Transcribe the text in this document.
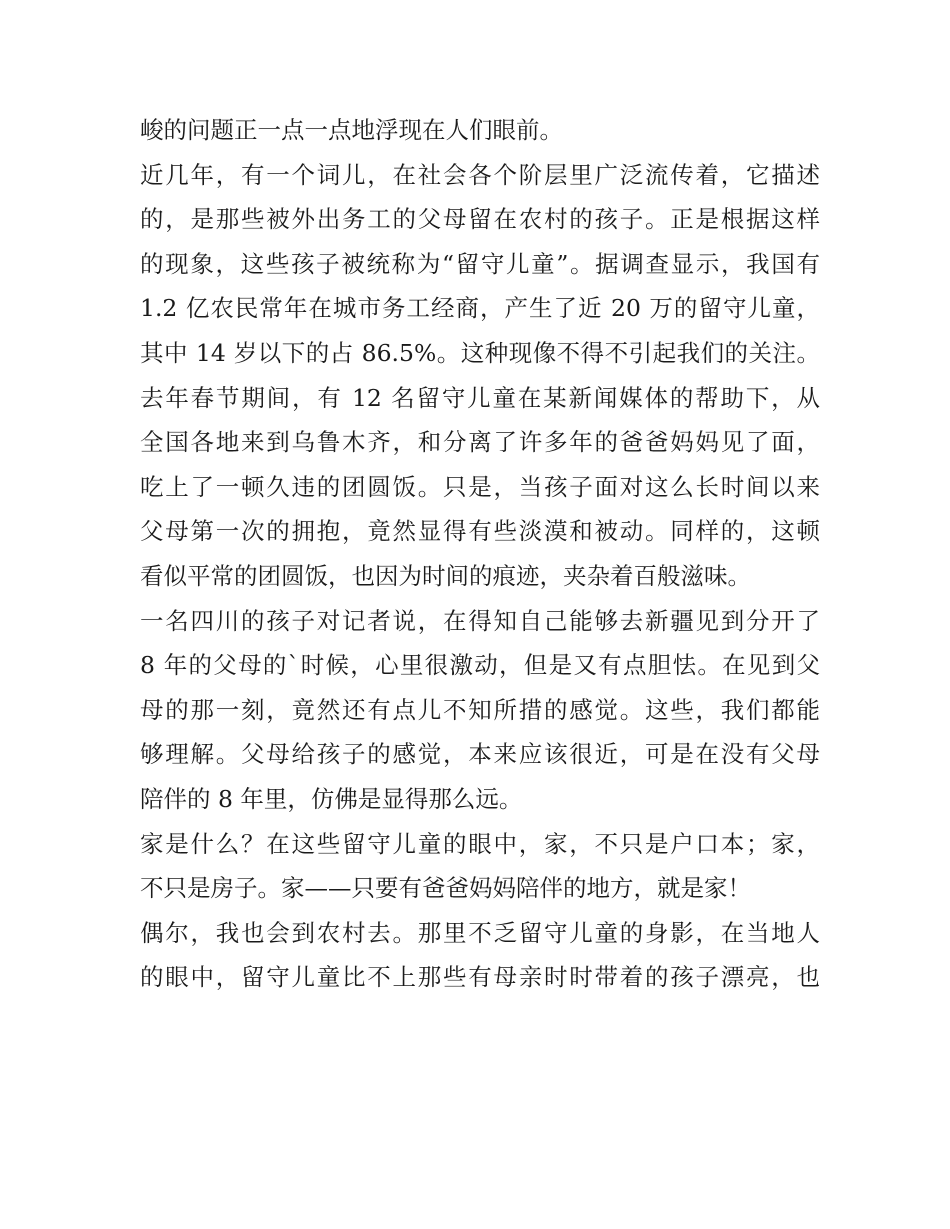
峻的问题正一点一点地浮现在人们眼前。
近几年，有一个词儿，在社会各个阶层里广泛流传着，它描述
的，是那些被外出务工的父母留在农村的孩子。正是根据这样
的现象，这些孩子被统称为“留守儿童”。据调查显示，我国有
1.2 亿农民常年在城市务工经商，产生了近 20 万的留守儿童，
其中 14 岁以下的占 86.5%。这种现像不得不引起我们的关注。
去年春节期间，有 12 名留守儿童在某新闻媒体的帮助下，从
全国各地来到乌鲁木齐，和分离了许多年的爸爸妈妈见了面，
吃上了一顿久违的团圆饭。只是，当孩子面对这么长时间以来
父母第一次的拥抱，竟然显得有些淡漠和被动。同样的，这顿
看似平常的团圆饭，也因为时间的痕迹，夹杂着百般滋味。
一名四川的孩子对记者说，在得知自己能够去新疆见到分开了
8 年的父母的`时候，心里很激动，但是又有点胆怯。在见到父
母的那一刻，竟然还有点儿不知所措的感觉。这些，我们都能
够理解。父母给孩子的感觉，本来应该很近，可是在没有父母
陪伴的 8 年里，仿佛是显得那么远。
家是什么？在这些留守儿童的眼中，家，不只是户口本；家，
不只是房子。家——只要有爸爸妈妈陪伴的地方，就是家！
偶尔，我也会到农村去。那里不乏留守儿童的身影，在当地人
的眼中，留守儿童比不上那些有母亲时时带着的孩子漂亮，也
